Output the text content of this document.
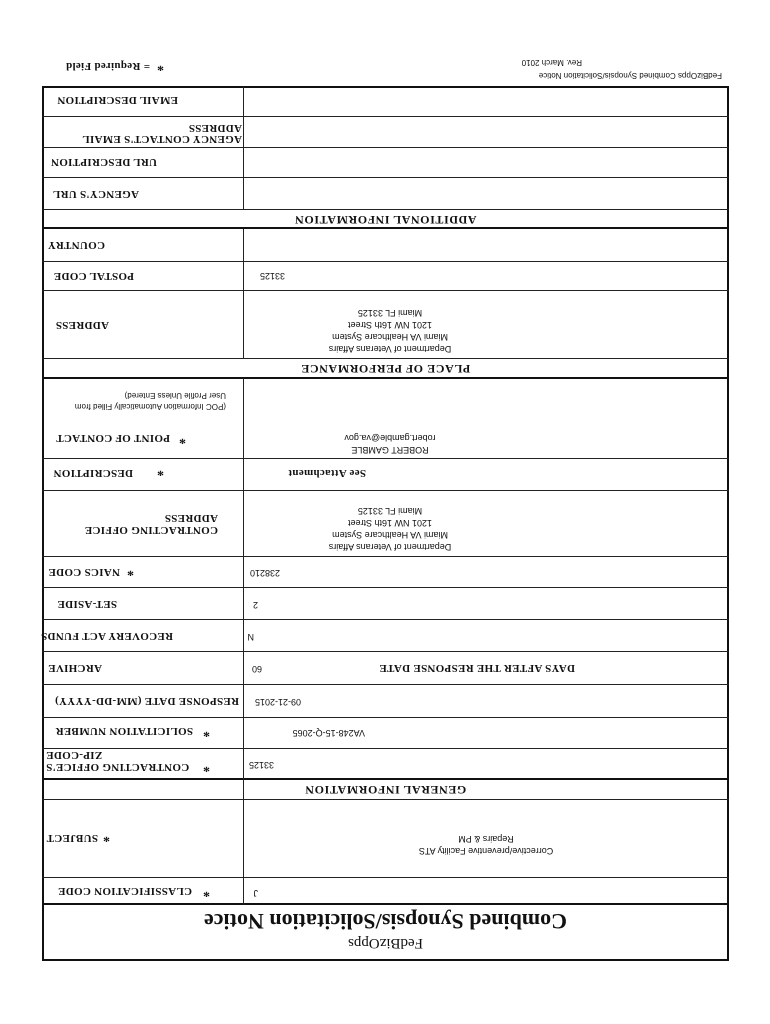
Combined Synopsis/Solicitation Notice
FedBizOpps
J
*
CLASSIFICATION CODE
Corrective/preventive Facility ATS
Repairs & PM
*
SUBJECT
GENERAL INFORMATION
33125
*
CONTRACTING OFFICE'S ZIP-CODE
VA248-15-Q-2065
*
SOLICITATION NUMBER
09-21-2015
RESPONSE DATE (MM-DD-YYYY)
DAYS AFTER THE RESPONSE DATE
60
ARCHIVE
N
RECOVERY ACT FUNDS
2
SET-ASIDE
238210
*
NAICS CODE
Department of Veterans Affairs
Miami VA Healthcare System
1201 NW 16th Street
Miami FL 33125
CONTRACTING OFFICE ADDRESS
See Attachment
*
DESCRIPTION
ROBERT GAMBLE
robert.gamble@va.gov
*
POINT OF CONTACT
(POC Information Automatically Filled from
User Profile Unless Entered)
PLACE OF PERFORMANCE
Department of Veterans Affairs
Miami VA Healthcare System
1201 NW 16th Street
Miami FL 33125
ADDRESS
33125
POSTAL CODE
COUNTRY
ADDITIONAL INFORMATION
AGENCY'S URL
URL DESCRIPTION
AGENCY CONTACT'S EMAIL ADDRESS
EMAIL DESCRIPTION
FedBizOpps Combined Synopsis/Solicitation Notice
Rev. March 2010
*
= Required Field
